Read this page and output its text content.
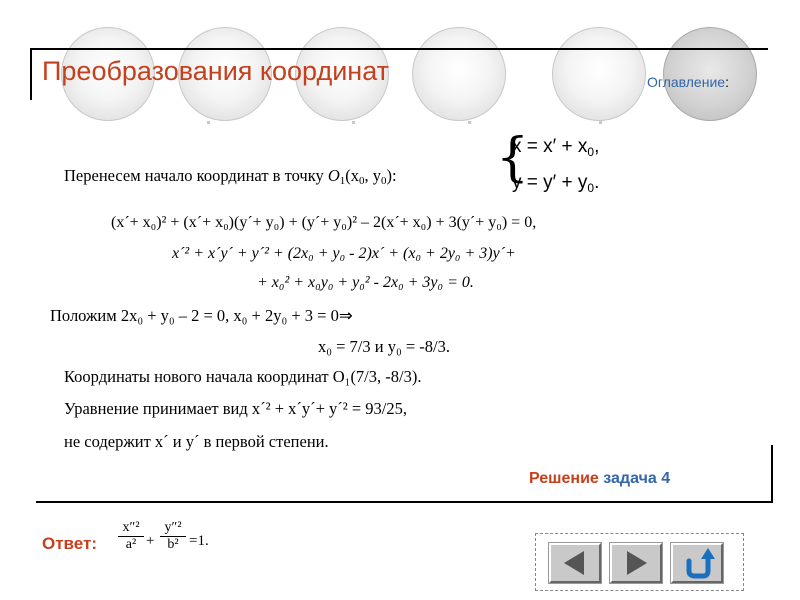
Преобразования координат	Оглавление:
{
$x = x' + x_0$,
$y = y' + y_0$.
Перенесем начало координат в точку $O_1(x_0$, $y_0$):
(x´+ x₀)² + (x´+ x₀)(y´+ y₀) + (y´+ y₀)² – 2(x´+ x₀) + 3(y´+ y₀) = 0,
x´² + x´y´ + y´² + (2x₀ + y₀ - 2)x´ + (x₀ + 2y₀ + 3)y´+
+ x₀² + x₀y₀ + y₀² - 2x₀ + 3y₀ = 0.
Положим 2x₀ + y₀ – 2 = 0, x₀ + 2y₀ + 3 = 0⇒
x₀ = 7/3 и y₀ = -8/3.
Координаты нового начала координат O₁(7/3, -8/3).
Уравнение принимает вид x´² + x´y´+ y´² = 93/25,
не содержит x´ и y´ в первой степени.
Решение задача 4
Ответ: $\frac{\text{x″²}}{\text{a²}} + \frac{\text{y″²}}{\text{b²}} =1$.
